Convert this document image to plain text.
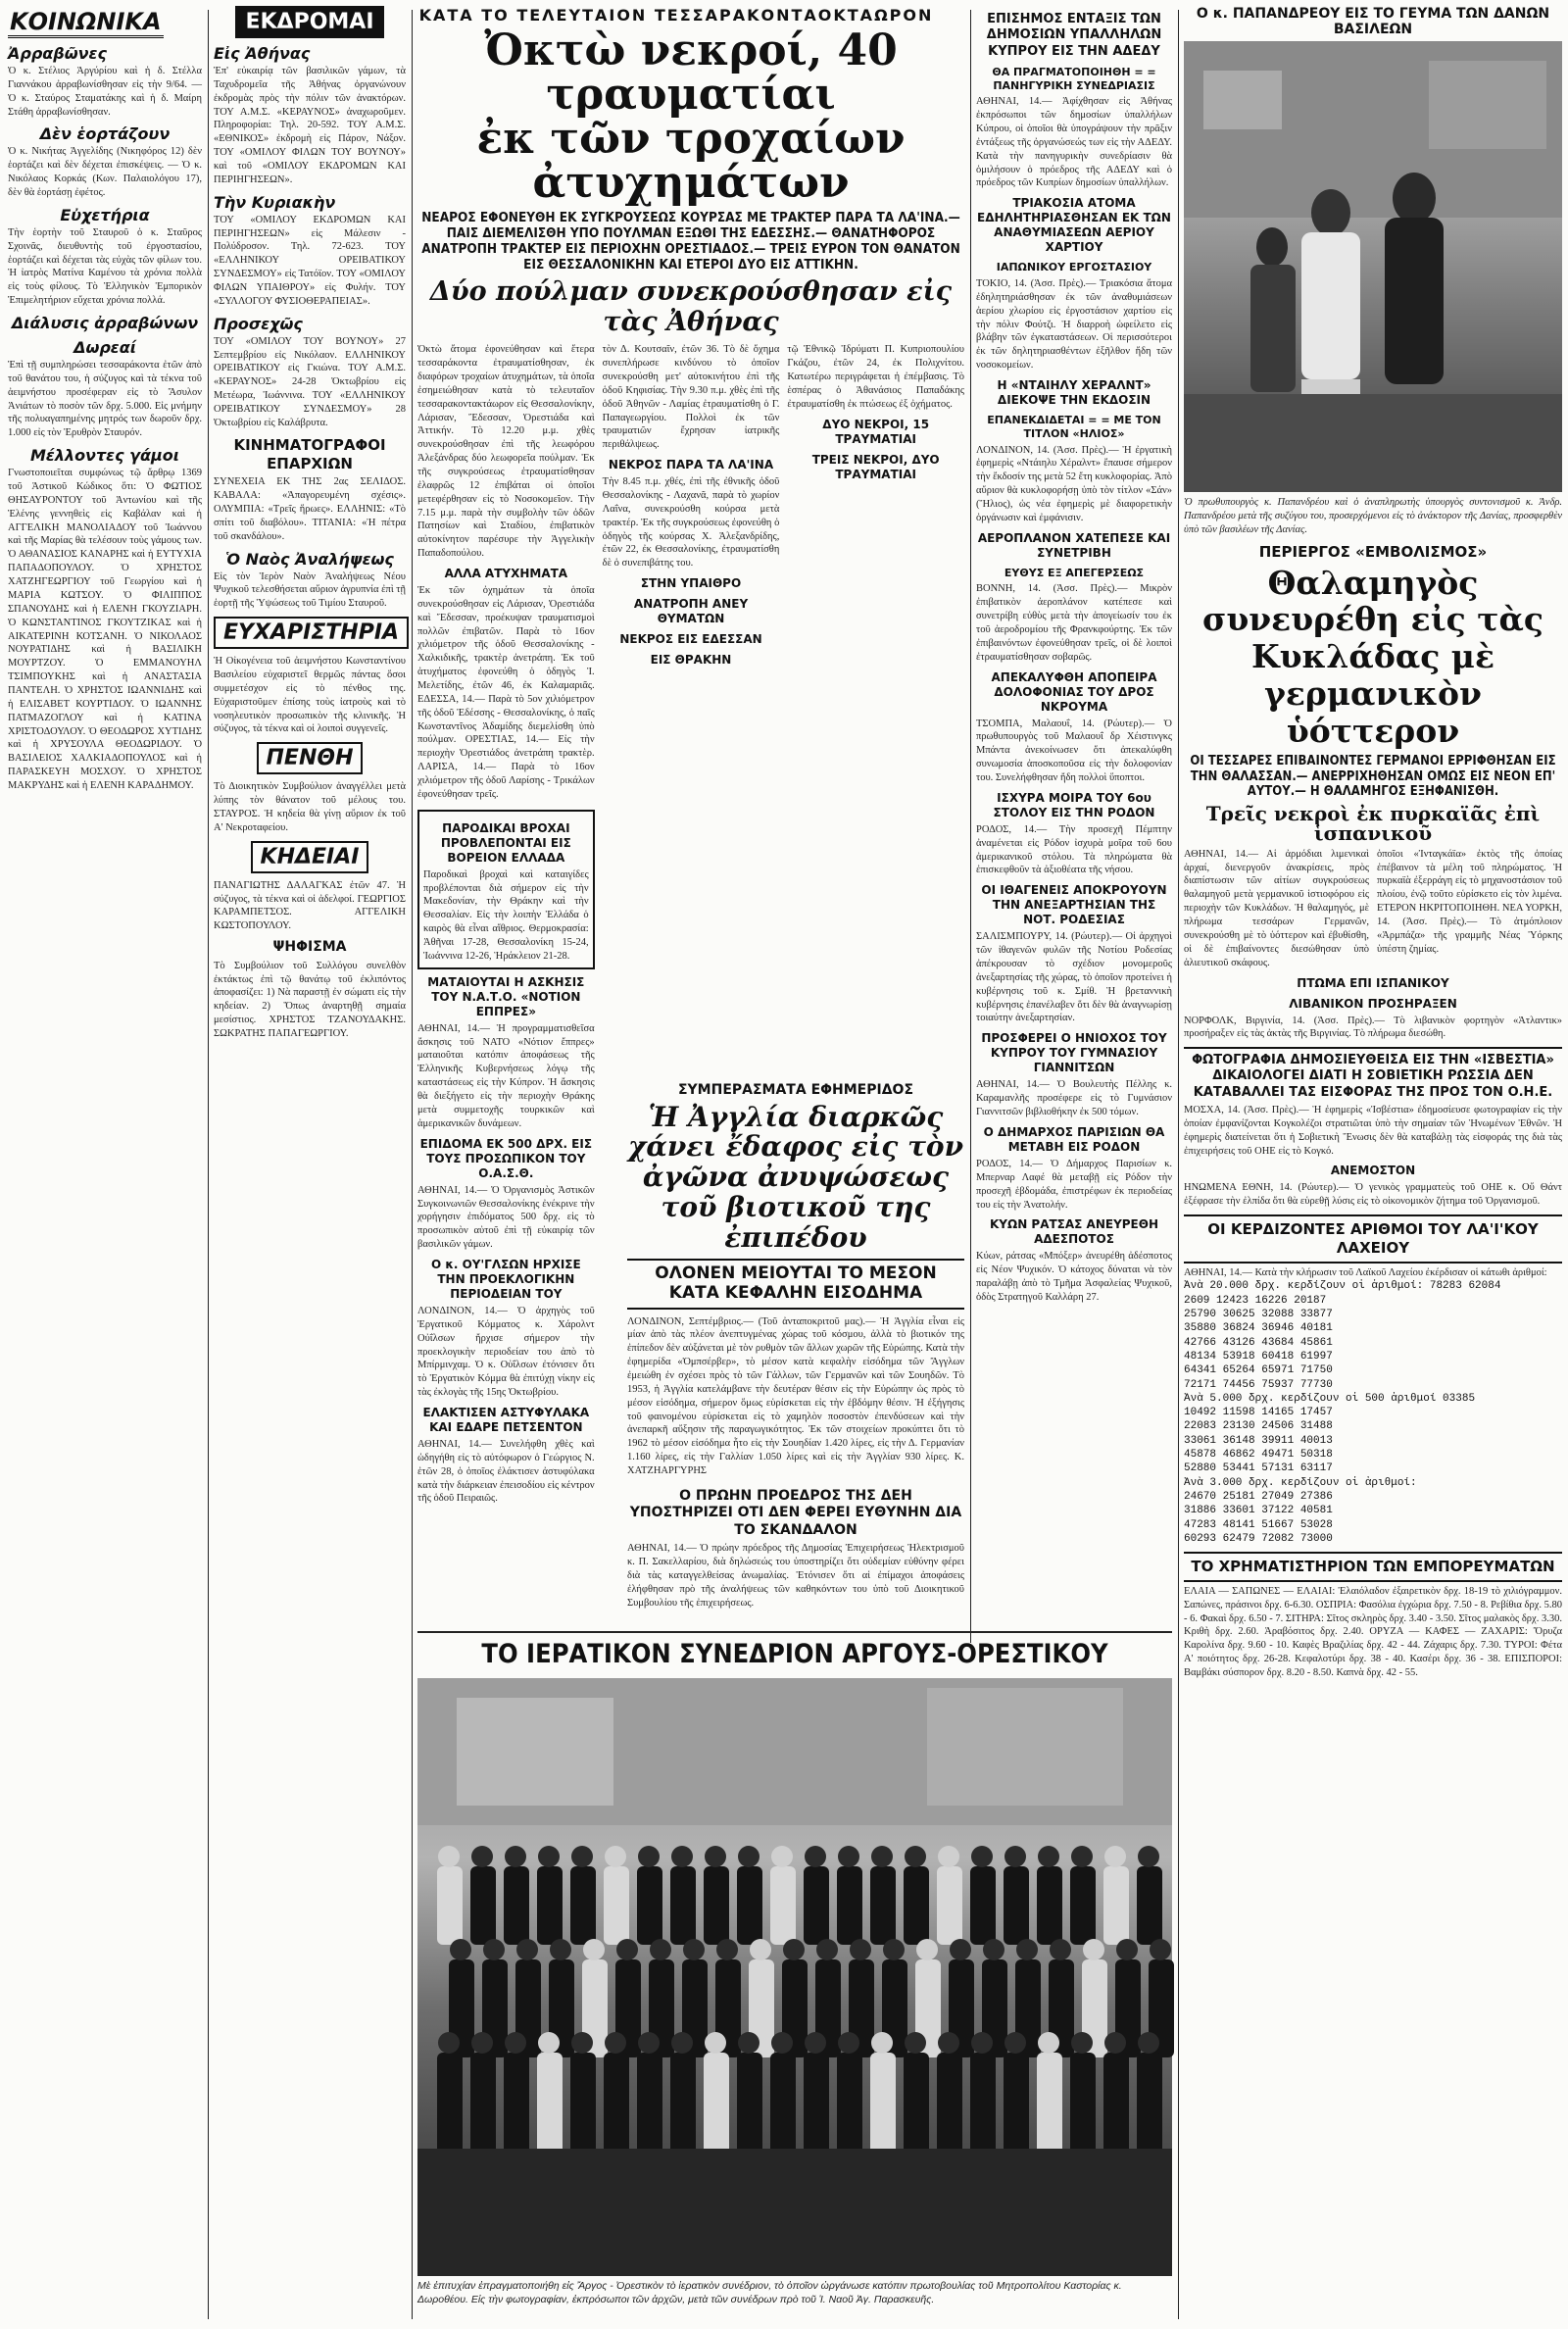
ΚΟΙΝΩΝΙΚΑ
Ἀρραβῶνες
Ὁ κ. Στέλιος Ἀργύρίου καὶ ἡ δ. Στέλλα Γιαννάκου ἀρραβωνίσθησαν εἰς τὴν 9/64. — Ὁ κ. Σταύρος Σταματάκης καὶ ἡ δ. Μαίρη Στάθη ἀρραβωνίσθησαν.
Δὲν ἑορτάζουν
Ὁ κ. Νικήτας Ἀγγελίδης (Νικηφόρος 12) δὲν ἑορτάζει καὶ δὲν δέχεται ἐπισκέψεις. — Ὁ κ. Νικόλαος Κορκάς (Κων. Παλαιολόγου 17), δὲν θὰ ἑορτάσῃ ἐφέτος.
Εὐχετήρια
Τὴν ἑορτὴν τοῦ Σταυροῦ ὁ κ. Σταῦρος Σχοινᾶς, διευθυντὴς τοῦ ἐργοστασίου, ἑορτάζει καὶ δέχεται τὰς εὐχὰς τῶν φίλων του. Ἡ ἰατρὸς Ματίνα Καμένου τὰ χρόνια πολλὰ εἰς τοὺς φίλους. Τὸ Ἑλληνικὸν Ἐμπορικὸν Ἐπιμελητήριον εὔχεται χρόνια πολλά.
Διάλυσις ἀρραβώνων
Δωρεαί
Ἐπὶ τῇ συμπληρώσει τεσσαράκοντα ἐτῶν ἀπὸ τοῦ θανάτου του, ἡ σύζυγος καὶ τὰ τέκνα τοῦ ἀειμνήστου προσέφεραν εἰς τὸ Ἄσυλον Ἀνιάτων τὸ ποσὸν τῶν δρχ. 5.000. Εἰς μνήμην τῆς πολυαγαπημένης μητρός των δωροῦν δρχ. 1.000 εἰς τὸν Ἐρυθρὸν Σταυρόν.
Μέλλοντες γάμοι
Γνωστοποιεῖται συμφώνως τῷ ἄρθρῳ 1369 τοῦ Ἀστικοῦ Κώδικος ὅτι: Ὁ ΦΩΤΙΟΣ ΘΗΣΑΥΡΟΝΤΟΥ τοῦ Ἀντωνίου καὶ τῆς Ἑλένης γεννηθεὶς εἰς Καβάλαν καὶ ἡ ΑΓΓΕΛΙΚΗ ΜΑΝΟΛΙΑΔΟΥ τοῦ Ἰωάννου καὶ τῆς Μαρίας θὰ τελέσουν τοὺς γάμους των. Ὁ ΑΘΑΝΑΣΙΟΣ ΚΑΝΑΡΗΣ καὶ ἡ ΕΥΤΥΧΙΑ ΠΑΠΑΔΟΠΟΥΛΟΥ. Ὁ ΧΡΗΣΤΟΣ ΧΑΤΖΗΓΕΩΡΓΙΟΥ τοῦ Γεωργίου καὶ ἡ ΜΑΡΙΑ ΚΩΤΣΟΥ. Ὁ ΦΙΛΙΠΠΟΣ ΣΠΑΝΟΥΔΗΣ καὶ ἡ ΕΛΕΝΗ ΓΚΟΥΖΙΑΡΗ. Ὁ ΚΩΝΣΤΑΝΤΙΝΟΣ ΓΚΟΥΤΖΙΚΑΣ καὶ ἡ ΑΙΚΑΤΕΡΙΝΗ ΚΟΤΣΑΝΗ. Ὁ ΝΙΚΟΛΑΟΣ ΝΟΥΡΑΤΙΔΗΣ καὶ ἡ ΒΑΣΙΛΙΚΗ ΜΟΥΡΤΖΟΥ. Ὁ ΕΜΜΑΝΟΥΗΛ ΤΣΙΜΠΟΥΚΗΣ καὶ ἡ ΑΝΑΣΤΑΣΙΑ ΠΑΝΤΕΛΗ. Ὁ ΧΡΗΣΤΟΣ ΙΩΑΝΝΙΔΗΣ καὶ ἡ ΕΛΙΣΑΒΕΤ ΚΟΥΡΤΙΔΟΥ. Ὁ ΙΩΑΝΝΗΣ ΠΑΤΜΑΖΟΓΛΟΥ καὶ ἡ ΚΑΤΙΝΑ ΧΡΙΣΤΟΔΟΥΛΟΥ. Ὁ ΘΕΟΔΩΡΟΣ ΧΥΤΙΔΗΣ καὶ ἡ ΧΡΥΣΟΥΛΑ ΘΕΟΔΩΡΙΔΟΥ. Ὁ ΒΑΣΙΛΕΙΟΣ ΧΑΛΚΙΑΔΟΠΟΥΛΟΣ καὶ ἡ ΠΑΡΑΣΚΕΥΗ ΜΟΣΧΟΥ. Ὁ ΧΡΗΣΤΟΣ ΜΑΚΡΥΔΗΣ καὶ ἡ ΕΛΕΝΗ ΚΑΡΑΔΗΜΟΥ.
ΕΚΔΡΟΜΑΙ
Εἰς Ἀθήνας
Ἐπ' εὐκαιρίᾳ τῶν βασιλικῶν γάμων, τὰ Ταχυδρομεῖα τῆς Ἀθήνας ὀργανώνουν ἐκδρομὰς πρὸς τὴν πόλιν τῶν ἀνακτόρων. ΤΟΥ Α.Μ.Σ. «ΚΕΡΑΥΝΟΣ» ἀναχωροῦμεν. Πληροφορίαι: Τηλ. 20-592. ΤΟΥ Α.Μ.Σ. «ΕΘΝΙΚΟΣ» ἐκδρομὴ εἰς Πάρον, Νάξον. ΤΟΥ «ΟΜΙΛΟΥ ΦΙΛΩΝ ΤΟΥ ΒΟΥΝΟΥ» καὶ τοῦ «ΟΜΙΛΟΥ ΕΚΔΡΟΜΩΝ ΚΑΙ ΠΕΡΙΗΓΗΣΕΩΝ».
Τὴν Κυριακὴν
ΤΟΥ «ΟΜΙΛΟΥ ΕΚΔΡΟΜΩΝ ΚΑΙ ΠΕΡΙΗΓΗΣΕΩΝ» εἰς Μάλεσιν - Πολύδροσον. Τηλ. 72-623. ΤΟΥ «ΕΛΛΗΝΙΚΟΥ ΟΡΕΙΒΑΤΙΚΟΥ ΣΥΝΔΕΣΜΟΥ» εἰς Τατόϊον. ΤΟΥ «ΟΜΙΛΟΥ ΦΙΛΩΝ ΥΠΑΙΘΡΟΥ» εἰς Φυλήν. ΤΟΥ «ΣΥΛΛΟΓΟΥ ΦΥΣΙΟΘΕΡΑΠΕΙΑΣ».
Προσεχῶς
ΤΟΥ «ΟΜΙΛΟΥ ΤΟΥ ΒΟΥΝΟΥ» 27 Σεπτεμβρίου εἰς Νικόλαον. ΕΛΛΗΝΙΚΟΥ ΟΡΕΙΒΑΤΙΚΟΥ εἰς Γκιώνα. ΤΟΥ Α.Μ.Σ. «ΚΕΡΑΥΝΟΣ» 24-28 Ὀκτωβρίου εἰς Μετέωρα, Ἰωάννινα. ΤΟΥ «ΕΛΛΗΝΙΚΟΥ ΟΡΕΙΒΑΤΙΚΟΥ ΣΥΝΔΕΣΜΟΥ» 28 Ὀκτωβρίου εἰς Καλάβρυτα.
ΚΙΝΗΜΑΤΟΓΡΑΦΟΙ ΕΠΑΡΧΙΩΝ
ΣΥΝΕΧΕΙΑ ΕΚ ΤΗΣ 2ας ΣΕΛΙΔΟΣ. ΚΑΒΑΛΑ: «Ἀπαγορευμένη σχέσις». ΟΛΥΜΠΙΑ: «Τρεῖς ἥρωες». ΕΛΛΗΝΙΣ: «Τὸ σπίτι τοῦ διαβόλου». ΤΙΤΑΝΙΑ: «Ἡ πέτρα τοῦ σκανδάλου».
Ὁ Ναὸς Ἀναλήψεως
Εἰς τὸν Ἱερὸν Ναὸν Ἀναλήψεως Νέου Ψυχικοῦ τελεσθήσεται αὔριον ἀγρυπνία ἐπὶ τῇ ἑορτῇ τῆς Ὑψώσεως τοῦ Τιμίου Σταυροῦ.
ΕΥΧΑΡΙΣΤΗΡΙΑ
Ἡ Οἰκογένεια τοῦ ἀειμνήστου Κωνσταντίνου Βασιλείου εὐχαριστεῖ θερμῶς πάντας ὅσοι συμμετέσχον εἰς τὸ πένθος της. Εὐχαριστοῦμεν ἐπίσης τοὺς ἰατροὺς καὶ τὸ νοσηλευτικὸν προσωπικὸν τῆς κλινικῆς. Ἡ σύζυγος, τὰ τέκνα καὶ οἱ λοιποὶ συγγενεῖς.
ΠΕΝΘΗ
Τὸ Διοικητικὸν Συμβούλιον ἀναγγέλλει μετὰ λύπης τὸν θάνατον τοῦ μέλους του. ΣΤΑΥΡΟΣ. Ἡ κηδεία θὰ γίνῃ αὔριον ἐκ τοῦ Α' Νεκροταφείου.
ΚΗΔΕΙΑΙ
ΠΑΝΑΓΙΩΤΗΣ ΔΑΛΑΓΚΑΣ ἐτῶν 47. Ἡ σύζυγος, τὰ τέκνα καὶ οἱ ἀδελφοί. ΓΕΩΡΓΙΟΣ ΚΑΡΑΜΠΕΤΣΟΣ. ΑΓΓΕΛΙΚΗ ΚΩΣΤΟΠΟΥΛΟΥ.
ΨΗΦΙΣΜΑ
Τὸ Συμβούλιον τοῦ Συλλόγου συνελθὸν ἐκτάκτως ἐπὶ τῷ θανάτῳ τοῦ ἐκλιπόντος ἀποφασίζει: 1) Νὰ παραστῇ ἐν σώματι εἰς τὴν κηδείαν. 2) Ὅπως ἀναρτηθῇ σημαία μεσίστιος. ΧΡΗΣΤΟΣ ΤΖΑΝΟΥΔΑΚΗΣ. ΣΩΚΡΑΤΗΣ ΠΑΠΑΓΕΩΡΓΙΟΥ.
ΚΑΤΑ ΤΟ ΤΕΛΕΥΤΑΙΟΝ ΤΕΣΣΑΡΑΚΟΝΤΑΟΚΤΑΩΡΟΝ
Ὀκτὼ νεκροί, 40 τραυματίαι
ἐκ τῶν τροχαίων ἀτυχημάτων
ΝΕΑΡΟΣ ΕΦΟΝΕΥΘΗ ΕΚ ΣΥΓΚΡΟΥΣΕΩΣ ΚΟΥΡΣΑΣ ΜΕ ΤΡΑΚΤΕΡ ΠΑΡΑ ΤΑ ΛΑ'ΙΝΑ.— ΠΑΙΣ ΔΙΕΜΕΛΙΣΘΗ ΥΠΟ ΠΟΥΛΜΑΝ ΕΞΩΘΙ ΤΗΣ ΕΔΕΣΣΗΣ.— ΘΑΝΑΤΗΦΟΡΟΣ ΑΝΑΤΡΟΠΗ ΤΡΑΚΤΕΡ ΕΙΣ ΠΕΡΙΟΧΗΝ ΟΡΕΣΤΙΑΔΟΣ.— ΤΡΕΙΣ ΕΥΡΟΝ ΤΟΝ ΘΑΝΑΤΟΝ ΕΙΣ ΘΕΣΣΑΛΟΝΙΚΗΝ ΚΑΙ ΕΤΕΡΟΙ ΔΥΟ ΕΙΣ ΑΤΤΙΚΗΝ.
Δύο πούλμαν συνεκρούσθησαν εἰς τὰς Ἀθήνας
Ὀκτὼ ἄτομα ἐφονεύθησαν καὶ ἕτερα τεσσαράκοντα ἐτραυματίσθησαν, ἐκ διαφόρων τροχαίων ἀτυχημάτων, τὰ ὁποῖα ἐσημειώθησαν κατὰ τὸ τελευταῖον τεσσαρακοντακτάωρον εἰς Θεσσαλονίκην, Λάρισαν, Ἔδεσσαν, Ὀρεστιάδα καὶ Ἀττικήν. Τὸ 12.20 μ.μ. χθὲς συνεκρούσθησαν ἐπὶ τῆς λεωφόρου Ἀλεξάνδρας δύο λεωφορεῖα πούλμαν. Ἐκ τῆς συγκρούσεως ἐτραυματίσθησαν ἐλαφρῶς 12 ἐπιβάται οἱ ὁποῖοι μετεφέρθησαν εἰς τὸ Νοσοκομεῖον. Τὴν 7.15 μ.μ. παρὰ τὴν συμβολὴν τῶν ὁδῶν Πατησίων καὶ Σταδίου, ἐπιβατικὸν αὐτοκίνητον παρέσυρε τὴν Ἀγγελικὴν Παπαδοπούλου.
ΑΛΛΑ ΑΤΥΧΗΜΑΤΑ
Ἐκ τῶν ὀχημάτων τὰ ὁποῖα συνεκρούσθησαν εἰς Λάρισαν, Ὀρεστιάδα καὶ Ἔδεσσαν, προέκυψαν τραυματισμοὶ πολλῶν ἐπιβατῶν. Παρὰ τὸ 16ον χιλιόμετρον τῆς ὁδοῦ Θεσσαλονίκης - Χαλκιδικῆς, τρακτὲρ ἀνετράπη. Ἐκ τοῦ ἀτυχήματος ἐφονεύθη ὁ ὁδηγὸς Ἰ. Μελετίδης, ἐτῶν 46, ἐκ Καλαμαριᾶς. ΕΔΕΣΣΑ, 14.— Παρὰ τὸ 5ον χιλιόμετρον τῆς ὁδοῦ Ἐδέσσης - Θεσσαλονίκης, ὁ παῖς Κωνσταντῖνος Ἀδαμίδης διεμελίσθη ὑπὸ πούλμαν. ΟΡΕΣΤΙΑΣ, 14.— Εἰς τὴν περιοχὴν Ὀρεστιάδος ἀνετράπη τρακτὲρ. ΛΑΡΙΣΑ, 14.— Παρὰ τὸ 16ον χιλιόμετρον τῆς ὁδοῦ Λαρίσης - Τρικάλων ἐφονεύθησαν τρεῖς.
ΠΑΡΟΔΙΚΑΙ ΒΡΟΧΑΙ ΠΡΟΒΛΕΠΟΝΤΑΙ ΕΙΣ ΒΟΡΕΙΟΝ ΕΛΛΑΔΑ
Παροδικαὶ βροχαὶ καὶ καταιγίδες προβλέπονται διὰ σήμερον εἰς τὴν Μακεδονίαν, τὴν Θράκην καὶ τὴν Θεσσαλίαν. Εἰς τὴν λοιπὴν Ἑλλάδα ὁ καιρὸς θὰ εἶναι αἴθριος. Θερμοκρασία: Ἀθῆναι 17-28, Θεσσαλονίκη 15-24, Ἰωάννινα 12-26, Ἡράκλειον 21-28.
ΜΑΤΑΙΟΥΤΑΙ Η ΑΣΚΗΣΙΣ ΤΟΥ Ν.Α.Τ.Ο. «ΝΟΤΙΟΝ ΕΠΠΡΕΣ»
ΑΘΗΝΑΙ, 14.— Ἡ προγραμματισθεῖσα ἄσκησις τοῦ ΝΑΤΟ «Νότιον ἔππρες» ματαιοῦται κατόπιν ἀποφάσεως τῆς Ἑλληνικῆς Κυβερνήσεως λόγῳ τῆς καταστάσεως εἰς τὴν Κύπρον. Ἡ ἄσκησις θὰ διεξήγετο εἰς τὴν περιοχὴν Θράκης μετὰ συμμετοχῆς τουρκικῶν καὶ ἀμερικανικῶν δυνάμεων.
ΕΠΙΔΟΜΑ ΕΚ 500 ΔΡΧ. ΕΙΣ ΤΟΥΣ ΠΡΟΣΩΠΙΚΟΝ ΤΟΥ Ο.Α.Σ.Θ.
ΑΘΗΝΑΙ, 14.— Ὁ Ὀργανισμὸς Ἀστικῶν Συγκοινωνιῶν Θεσσαλονίκης ἐνέκρινε τὴν χορήγησιν ἐπιδόματος 500 δρχ. εἰς τὸ προσωπικὸν αὐτοῦ ἐπὶ τῇ εὐκαιρίᾳ τῶν βασιλικῶν γάμων.
Ο κ. ΟΥ'ΓΛΣΩΝ ΗΡΧΙΣΕ ΤΗΝ ΠΡΟΕΚΛΟΓΙΚΗΝ ΠΕΡΙΟΔΕΙΑΝ ΤΟΥ
ΛΟΝΔΙΝΟΝ, 14.— Ὁ ἀρχηγὸς τοῦ Ἐργατικοῦ Κόμματος κ. Χάρολντ Οὐΐλσων ἤρχισε σήμερον τὴν προεκλογικὴν περιοδείαν του ἀπὸ τὸ Μπίρμινχαμ. Ὁ κ. Οὐΐλσων ἐτόνισεν ὅτι τὸ Ἐργατικὸν Κόμμα θὰ ἐπιτύχῃ νίκην εἰς τὰς ἐκλογὰς τῆς 15ης Ὀκτωβρίου.
ΕΛΑΚΤΙΣΕΝ ΑΣΤΥΦΥΛΑΚΑ ΚΑΙ ΕΔΑΡΕ ΠΕΤΣΕΝΤΟΝ
ΑΘΗΝΑΙ, 14.— Συνελήφθη χθὲς καὶ ὡδηγήθη εἰς τὸ αὐτόφωρον ὁ Γεώργιος Ν. ἐτῶν 28, ὁ ὁποῖος ἐλάκτισεν ἀστυφύλακα κατὰ τὴν διάρκειαν ἐπεισοδίου εἰς κέντρον τῆς ὁδοῦ Πειραιῶς.
τὸν Δ. Κουτσαῖν, ἐτῶν 36. Τὸ δὲ ὄχημα συνεπλήρωσε κινδύνου τὸ ὁποῖον συνεκρούσθη μετ' αὐτοκινήτου ἐπὶ τῆς ὁδοῦ Κηφισίας. Τὴν 9.30 π.μ. χθὲς ἐπὶ τῆς ὁδοῦ Ἀθηνῶν - Λαμίας ἐτραυματίσθη ὁ Γ. Παπαγεωργίου. Πολλοὶ ἐκ τῶν τραυματιῶν ἔχρησαν ἰατρικῆς περιθάλψεως.
ΝΕΚΡΟΣ ΠΑΡΑ ΤΑ ΛΑ'ΙΝΑ
Τὴν 8.45 π.μ. χθές, ἐπὶ τῆς ἐθνικῆς ὁδοῦ Θεσσαλονίκης - Λαχανᾶ, παρὰ τὸ χωρίον Λαΐνα, συνεκρούσθη κούρσα μετὰ τρακτέρ. Ἐκ τῆς συγκρούσεως ἐφονεύθη ὁ ὁδηγὸς τῆς κούρσας Χ. Ἀλεξανδρίδης, ἐτῶν 22, ἐκ Θεσσαλονίκης, ἐτραυματίσθη δὲ ὁ συνεπιβάτης του.
ΣΤΗΝ ΥΠΑΙΘΡΟ
ΑΝΑΤΡΟΠΗ ΑΝΕΥ ΘΥΜΑΤΩΝ
ΝΕΚΡΟΣ ΕΙΣ ΕΔΕΣΣΑΝ
ΕΙΣ ΘΡΑΚΗΝ
τῷ Ἐθνικῷ Ἰδρύματι Π. Κυπριοπουλίου Γκάζου, ἐτῶν 24, ἐκ Πολιχνίτου. Κατωτέρω περιγράφεται ἡ ἐπέμβασις. Τὸ ἑσπέρας ὁ Ἀθανάσιος Παπαδάκης ἐτραυματίσθη ἐκ πτώσεως ἐξ ὀχήματος.
ΔΥΟ ΝΕΚΡΟΙ, 15 ΤΡΑΥΜΑΤΙΑΙ
ΤΡΕΙΣ ΝΕΚΡΟΙ, ΔΥΟ ΤΡΑΥΜΑΤΙΑΙ
ΣΥΜΠΕΡΑΣΜΑΤΑ ΕΦΗΜΕΡΙΔΟΣ
Ἡ Ἀγγλία διαρκῶς χάνει ἔδαφος εἰς τὸν ἀγῶνα ἀνυψώσεως τοῦ βιοτικοῦ της ἐπιπέδου
ΟΛΟΝΕΝ ΜΕΙΟΥΤΑΙ ΤΟ ΜΕΣΟΝ
ΚΑΤΑ ΚΕΦΑΛΗΝ ΕΙΣΟΔΗΜΑ
ΛΟΝΔΙΝΟΝ, Σεπτέμβριος.— (Τοῦ ἀνταποκριτοῦ μας).— Ἡ Ἀγγλία εἶναι εἰς μίαν ἀπὸ τὰς πλέον ἀνεπτυγμένας χώρας τοῦ κόσμου, ἀλλὰ τὸ βιοτικόν της ἐπίπεδον δὲν αὐξάνεται μὲ τὸν ρυθμὸν τῶν ἄλλων χωρῶν τῆς Εὐρώπης. Κατὰ τὴν ἐφημερίδα «Ὀμπσέρβερ», τὸ μέσον κατὰ κεφαλὴν εἰσόδημα τῶν Ἄγγλων ἐμειώθη ἐν σχέσει πρὸς τὸ τῶν Γάλλων, τῶν Γερμανῶν καὶ τῶν Σουηδῶν. Τὸ 1953, ἡ Ἀγγλία κατελάμβανε τὴν δευτέραν θέσιν εἰς τὴν Εὐρώπην ὡς πρὸς τὸ μέσον εἰσόδημα, σήμερον ὅμως εὑρίσκεται εἰς τὴν ἑβδόμην θέσιν. Ἡ ἐξήγησις τοῦ φαινομένου εὑρίσκεται εἰς τὸ χαμηλὸν ποσοστὸν ἐπενδύσεων καὶ τὴν ἀνεπαρκῆ αὔξησιν τῆς παραγωγικότητος. Ἐκ τῶν στοιχείων προκύπτει ὅτι τὸ 1962 τὸ μέσον εἰσόδημα ἦτο εἰς τὴν Σουηδίαν 1.420 λίρες, εἰς τὴν Δ. Γερμανίαν 1.160 λίρες, εἰς τὴν Γαλλίαν 1.050 λίρες καὶ εἰς τὴν Ἀγγλίαν 930 λίρες. Κ. ΧΑΤΖΗΑΡΓΥΡΗΣ
Ο ΠΡΩΗΝ ΠΡΟΕΔΡΟΣ ΤΗΣ ΔΕΗ ΥΠΟΣΤΗΡΙΖΕΙ ΟΤΙ ΔΕΝ ΦΕΡΕΙ ΕΥΘΥΝΗΝ ΔΙΑ ΤΟ ΣΚΑΝΔΑΛΟΝ
ΑΘΗΝΑΙ, 14.— Ὁ πρώην πρόεδρος τῆς Δημοσίας Ἐπιχειρήσεως Ἠλεκτρισμοῦ κ. Π. Σακελλαρίου, διὰ δηλώσεώς του ὑποστηρίζει ὅτι οὐδεμίαν εὐθύνην φέρει διὰ τὰς καταγγελθείσας ἀνωμαλίας. Ἐτόνισεν ὅτι αἱ ἐπίμαχοι ἀποφάσεις ἐλήφθησαν πρὸ τῆς ἀναλήψεως τῶν καθηκόντων του ὑπὸ τοῦ Διοικητικοῦ Συμβουλίου τῆς ἐπιχειρήσεως.
ΕΠΙΣΗΜΟΣ ΕΝΤΑΞΙΣ ΤΩΝ ΔΗΜΟΣΙΩΝ ΥΠΑΛΛΗΛΩΝ ΚΥΠΡΟΥ ΕΙΣ ΤΗΝ ΑΔΕΔΥ
ΘΑ ΠΡΑΓΜΑΤΟΠΟΙΗΘΗ = = ΠΑΝΗΓΥΡΙΚΗ ΣΥΝΕΔΡΙΑΣΙΣ
ΑΘΗΝΑΙ, 14.— Ἀφίχθησαν εἰς Ἀθήνας ἐκπρόσωποι τῶν δημοσίων ὑπαλλήλων Κύπρου, οἱ ὁποῖοι θὰ ὑπογράψουν τὴν πρᾶξιν ἐντάξεως τῆς ὀργανώσεώς των εἰς τὴν ΑΔΕΔΥ. Κατὰ τὴν πανηγυρικὴν συνεδρίασιν θὰ ὁμιλήσουν ὁ πρόεδρος τῆς ΑΔΕΔΥ καὶ ὁ πρόεδρος τῶν Κυπρίων δημοσίων ὑπαλλήλων.
ΤΡΙΑΚΟΣΙΑ ΑΤΟΜΑ ΕΔΗΛΗΤΗΡΙΑΣΘΗΣΑΝ ΕΚ ΤΩΝ ΑΝΑΘΥΜΙΑΣΕΩΝ ΑΕΡΙΟΥ ΧΑΡΤΙΟΥ
ΙΑΠΩΝΙΚΟΥ ΕΡΓΟΣΤΑΣΙΟΥ
ΤΟΚΙΟ, 14. (Ἀσσ. Πρὲς).— Τριακόσια ἄτομα ἐδηλητηριάσθησαν ἐκ τῶν ἀναθυμιάσεων ἀερίου χλωρίου εἰς ἐργοστάσιον χαρτίου εἰς τὴν πόλιν Φούτζι. Ἡ διαρροὴ ὠφείλετο εἰς βλάβην τῶν ἐγκαταστάσεων. Οἱ περισσότεροι ἐκ τῶν δηλητηριασθέντων ἐξῆλθον ἤδη τῶν νοσοκομείων.
Η «ΝΤΑΙΗΛΥ ΧΕΡΑΛΝΤ» ΔΙΕΚΟΨΕ ΤΗΝ ΕΚΔΟΣΙΝ
ΕΠΑΝΕΚΔΙΔΕΤΑΙ = = ΜΕ ΤΟΝ ΤΙΤΛΟΝ «ΗΛΙΟΣ»
ΛΟΝΔΙΝΟΝ, 14. (Ἀσσ. Πρὲς).— Ἡ ἐργατικὴ ἐφημερὶς «Ντάιηλυ Χέραλντ» ἔπαυσε σήμερον τὴν ἔκδοσίν της μετὰ 52 ἔτη κυκλοφορίας. Ἀπὸ αὔριον θὰ κυκλοφορήσῃ ὑπὸ τὸν τίτλον «Σάν» (Ἥλιος), ὡς νέα ἐφημερὶς μὲ διαφορετικὴν ὀργάνωσιν καὶ ἐμφάνισιν.
ΑΕΡΟΠΛΑΝΟΝ ΧΑΤΕΠΕΣΕ ΚΑΙ ΣΥΝΕΤΡΙΒΗ
ΕΥΘΥΣ ΕΞ ΑΠΕΓΕΡΣΕΩΣ
ΒΟΝΝΗ, 14. (Ἀσσ. Πρὲς).— Μικρὸν ἐπιβατικὸν ἀεροπλάνον κατέπεσε καὶ συνετρίβη εὐθὺς μετὰ τὴν ἀπογείωσίν του ἐκ τοῦ ἀεροδρομίου τῆς Φρανκφούρτης. Ἐκ τῶν ἐπιβαινόντων ἐφονεύθησαν τρεῖς, οἱ δὲ λοιποὶ ἐτραυματίσθησαν σοβαρῶς.
ΑΠΕΚΑΛΥΦΘΗ ΑΠΟΠΕΙΡΑ ΔΟΛΟΦΟΝΙΑΣ ΤΟΥ ΔΡΟΣ ΝΚΡΟΥΜΑ
ΤΣΟΜΠΑ, Μαλαουΐ, 14. (Ρώυτερ).— Ὁ πρωθυπουργὸς τοῦ Μαλαουΐ δρ Χέιστινγκς Μπάντα ἀνεκοίνωσεν ὅτι ἀπεκαλύφθη συνωμοσία ἀποσκοποῦσα εἰς τὴν δολοφονίαν του. Συνελήφθησαν ἤδη πολλοὶ ὕποπτοι.
ΙΣΧΥΡΑ ΜΟΙΡΑ ΤΟΥ 6ου ΣΤΟΛΟΥ ΕΙΣ ΤΗΝ ΡΟΔΟΝ
ΡΟΔΟΣ, 14.— Τὴν προσεχῆ Πέμπτην ἀναμένεται εἰς Ρόδον ἰσχυρὰ μοῖρα τοῦ 6ου ἀμερικανικοῦ στόλου. Τὰ πληρώματα θὰ ἐπισκεφθοῦν τὰ ἀξιοθέατα τῆς νήσου.
ΟΙ ΙΘΑΓΕΝΕΙΣ ΑΠΟΚΡΟΥΟΥΝ ΤΗΝ ΑΝΕΞΑΡΤΗΣΙΑΝ ΤΗΣ ΝΟΤ. ΡΟΔΕΣΙΑΣ
ΣΑΛΙΣΜΠΟΥΡΥ, 14. (Ρώυτερ).— Οἱ ἀρχηγοὶ τῶν ἰθαγενῶν φυλῶν τῆς Νοτίου Ροδεσίας ἀπέκρουσαν τὸ σχέδιον μονομεροῦς ἀνεξαρτησίας τῆς χώρας, τὸ ὁποῖον προτείνει ἡ κυβέρνησις τοῦ κ. Σμίθ. Ἡ βρεταννικὴ κυβέρνησις ἐπανέλαβεν ὅτι δὲν θὰ ἀναγνωρίσῃ τοιαύτην ἀνεξαρτησίαν.
ΠΡΟΣΦΕΡΕΙ Ο ΗΝΙΟΧΟΣ ΤΟΥ ΚΥΠΡΟΥ ΤΟΥ ΓΥΜΝΑΣΙΟΥ ΓΙΑΝΝΙΤΣΩΝ
ΑΘΗΝΑΙ, 14.— Ὁ Βουλευτὴς Πέλλης κ. Καραμανλῆς προσέφερε εἰς τὸ Γυμνάσιον Γιαννιτσῶν βιβλιοθήκην ἐκ 500 τόμων.
Ο ΔΗΜΑΡΧΟΣ ΠΑΡΙΣΙΩΝ ΘΑ ΜΕΤΑΒΗ ΕΙΣ ΡΟΔΟΝ
ΡΟΔΟΣ, 14.— Ὁ Δήμαρχος Παρισίων κ. Μπερναρ Λαφέ θὰ μεταβῇ εἰς Ρόδον τὴν προσεχῆ ἑβδομάδα, ἐπιστρέφων ἐκ περιοδείας του εἰς τὴν Ἀνατολήν.
ΚΥΩΝ ΡΑΤΣΑΣ ΑΝΕΥΡΕΘΗ ΑΔΕΣΠΟΤΟΣ
Κύων, ράτσας «Μπόξερ» ἀνευρέθη ἀδέσποτος εἰς Νέον Ψυχικόν. Ὁ κάτοχος δύναται νὰ τὸν παραλάβῃ ἀπὸ τὸ Τμῆμα Ἀσφαλείας Ψυχικοῦ, ὁδὸς Στρατηγοῦ Καλλάρη 27.
Ο κ. ΠΑΠΑΝΔΡΕΟΥ ΕΙΣ ΤΟ ΓΕΥΜΑ ΤΩΝ ΔΑΝΩΝ ΒΑΣΙΛΕΩΝ
Ὁ πρωθυπουργὸς κ. Παπανδρέου καὶ ὁ ἀναπληρωτὴς ὑπουργὸς συντονισμοῦ κ. Ἀνδρ. Παπανδρέου μετὰ τῆς συζύγου του, προσερχόμενοι εἰς τὸ ἀνάκτορον τῆς Δανίας, προσφερθὲν ὑπὸ τῶν βασιλέων τῆς Δανίας.
ΠΕΡΙΕΡΓΟΣ «ΕΜΒΟΛΙΣΜΟΣ»
Θαλαμηγὸς συνευρέθη εἰς τὰς Κυκλάδας μὲ γερμανικὸν ὑόττερον
ΟΙ ΤΕΣΣΑΡΕΣ ΕΠΙΒΑΙΝΟΝΤΕΣ ΓΕΡΜΑΝΟΙ ΕΡΡΙΦΘΗΣΑΝ ΕΙΣ ΤΗΝ ΘΑΛΑΣΣΑΝ.— ΑΝΕΡΡΙΧΗΘΗΣΑΝ ΟΜΩΣ ΕΙΣ ΝΕΟΝ ΕΠ' ΑΥΤΟΥ.— Η ΘΑΛΑΜΗΓΟΣ ΕΞΗΦΑΝΙΣΘΗ.
Τρεῖς νεκροὶ ἐκ πυρκαϊᾶς ἐπὶ ἱσπανικοῦ
ΑΘΗΝΑΙ, 14.— Αἱ ἀρμόδιαι λιμενικαὶ ἀρχαί, διενεργοῦν ἀνακρίσεις, πρὸς διαπίστωσιν τῶν αἰτίων συγκρούσεως θαλαμηγοῦ μετὰ γερμανικοῦ ἱστιοφόρου εἰς περιοχὴν τῶν Κυκλάδων. Ἡ θαλαμηγός, μὲ πλήρωμα τεσσάρων Γερμανῶν, συνεκρούσθη μὲ τὸ ὑόττερον καὶ ἐβυθίσθη, οἱ δὲ ἐπιβαίνοντες διεσώθησαν ὑπὸ ἁλιευτικοῦ σκάφους.
ὁποῖοι «Ἰνταγκάϊα» ἐκτὸς τῆς ὁποίας ἐπέβαινον τὰ μέλη τοῦ πληρώματος. Ἡ πυρκαϊὰ ἐξερράγη εἰς τὸ μηχανοστάσιον τοῦ πλοίου, ἐνῷ τοῦτο εὑρίσκετο εἰς τὸν λιμένα. ΕΤΕΡΟΝ ΗΚΡΙΤΟΠΟΙΗΘΗ. ΝΕΑ ΥΟΡΚΗ, 14. (Ἀσσ. Πρὲς).— Τὸ ἀτμόπλοιον «Ἀρμπάζα» τῆς γραμμῆς Νέας Ὑόρκης ὑπέστη ζημίας.
ΠΤΩΜΑ ΕΠΙ ΙΣΠΑΝΙΚΟΥ
ΛΙΒΑΝΙΚΟΝ ΠΡΟΣΗΡΑΞΕΝ
ΝΟΡΦΟΛΚ, Βιργινία, 14. (Ἀσσ. Πρὲς).— Τὸ λιβανικὸν φορτηγὸν «Ἀτλαντικ» προσήραξεν εἰς τὰς ἀκτὰς τῆς Βιργινίας. Τὸ πλήρωμα διεσώθη.
ΦΩΤΟΓΡΑΦΙΑ ΔΗΜΟΣΙΕΥΘΕΙΣΑ ΕΙΣ ΤΗΝ «ΙΣΒΕΣΤΙΑ» ΔΙΚΑΙΟΛΟΓΕΙ ΔΙΑΤΙ Η ΣΟΒΙΕΤΙΚΗ ΡΩΣΣΙΑ ΔΕΝ ΚΑΤΑΒΑΛΛΕΙ ΤΑΣ ΕΙΣΦΟΡΑΣ ΤΗΣ ΠΡΟΣ ΤΟΝ Ο.Η.Ε.
ΜΟΣΧΑ, 14. (Ἀσσ. Πρὲς).— Ἡ ἐφημερὶς «Ἰσβέστια» ἐδημοσίευσε φωτογραφίαν εἰς τὴν ὁποίαν ἐμφανίζονται Κογκολέζοι στρατιῶται ὑπὸ τὴν σημαίαν τῶν Ἡνωμένων Ἐθνῶν. Ἡ ἐφημερὶς διατείνεται ὅτι ἡ Σοβιετικὴ Ἕνωσις δὲν θὰ καταβάλῃ τὰς εἰσφοράς της διὰ τὰς ἐπιχειρήσεις τοῦ ΟΗΕ εἰς τὸ Κογκό.
ΑΝΕΜΟΣΤΟΝ
ΗΝΩΜΕΝΑ ΕΘΝΗ, 14. (Ρώυτερ).— Ὁ γενικὸς γραμματεὺς τοῦ ΟΗΕ κ. Οὔ Θάντ ἐξέφρασε τὴν ἐλπίδα ὅτι θὰ εὑρεθῇ λύσις εἰς τὸ οἰκονομικὸν ζήτημα τοῦ Ὀργανισμοῦ.
ΟΙ ΚΕΡΔΙΖΟΝΤΕΣ ΑΡΙΘΜΟΙ ΤΟΥ ΛΑ'Ι'ΚΟΥ ΛΑΧΕΙΟΥ
ΑΘΗΝΑΙ, 14.— Κατὰ τὴν κλήρωσιν τοῦ Λαϊκοῦ Λαχείου ἐκέρδισαν οἱ κάτωθι ἀριθμοί:
Ἀνὰ 20.000 δρχ. κερδίζουν οἱ ἀριθμοί: 78283 62084
2609 12423 16226 20187
25790 30625 32088 33877
35880 36824 36946 40181
42766 43126 43684 45861
48134 53918 60418 61997
64341 65264 65971 71750
72171 74456 75937 77730
Ἀνὰ 5.000 δρχ. κερδίζουν οἱ 500 ἀριθμοί 03385
10492 11598 14165 17457
22083 23130 24506 31488
33061 36148 39911 40013
45878 46862 49471 50318
52880 53441 57131 63117
Ἀνὰ 3.000 δρχ. κερδίζουν οἱ ἀριθμοί:
24670 25181 27049 27386
31886 33601 37122 40581
47283 48141 51667 53028
60293 62479 72082 73000
ΤΟ ΧΡΗΜΑΤΙΣΤΗΡΙΟΝ ΤΩΝ ΕΜΠΟΡΕΥΜΑΤΩΝ
ΕΛΑΙΑ — ΣΑΠΩΝΕΣ — ΕΛΑΙΑΙ: Ἐλαιόλαδον ἐξαιρετικὸν δρχ. 18-19 τὸ χιλιόγραμμον. Σαπώνες, πράσινοι δρχ. 6-6.30. ΟΣΠΡΙΑ: Φασόλια ἐγχώρια δρχ. 7.50 - 8. Ρεβίθια δρχ. 5.80 - 6. Φακαὶ δρχ. 6.50 - 7. ΣΙΤΗΡΑ: Σῖτος σκληρὸς δρχ. 3.40 - 3.50. Σῖτος μαλακὸς δρχ. 3.30. Κριθὴ δρχ. 2.60. Ἀραβόσιτος δρχ. 2.40. ΟΡΥΖΑ — ΚΑΦΕΣ — ΖΑΧΑΡΙΣ: Ὄρυζα Καρολίνα δρχ. 9.60 - 10. Καφὲς Βραζιλίας δρχ. 42 - 44. Ζάχαρις δρχ. 7.30. ΤΥΡΟΙ: Φέτα Α' ποιότητος δρχ. 26-28. Κεφαλοτύρι δρχ. 38 - 40. Κασέρι δρχ. 36 - 38. ΕΠΙΣΠΟΡΟΙ: Βαμβάκι σύσπορον δρχ. 8.20 - 8.50. Καπνὰ δρχ. 42 - 55.
ΤΟ ΙΕΡΑΤΙΚΟΝ ΣΥΝΕΔΡΙΟΝ ΑΡΓΟΥΣ-ΟΡΕΣΤΙΚΟΥ
Μὲ ἐπιτυχίαν ἐπραγματοποιήθη εἰς Ἄργος - Ὀρεστικὸν τὸ ἱερατικὸν συνέδριον, τὸ ὁποῖον ὠργάνωσε κατόπιν πρωτοβουλίας τοῦ Μητροπολίτου Καστορίας κ. Δωροθέου. Εἰς τὴν φωτογραφίαν, ἐκπρόσωποι τῶν ἀρχῶν, μετὰ τῶν συνέδρων πρὸ τοῦ Ἱ. Ναοῦ Ἁγ. Παρασκευῆς.
